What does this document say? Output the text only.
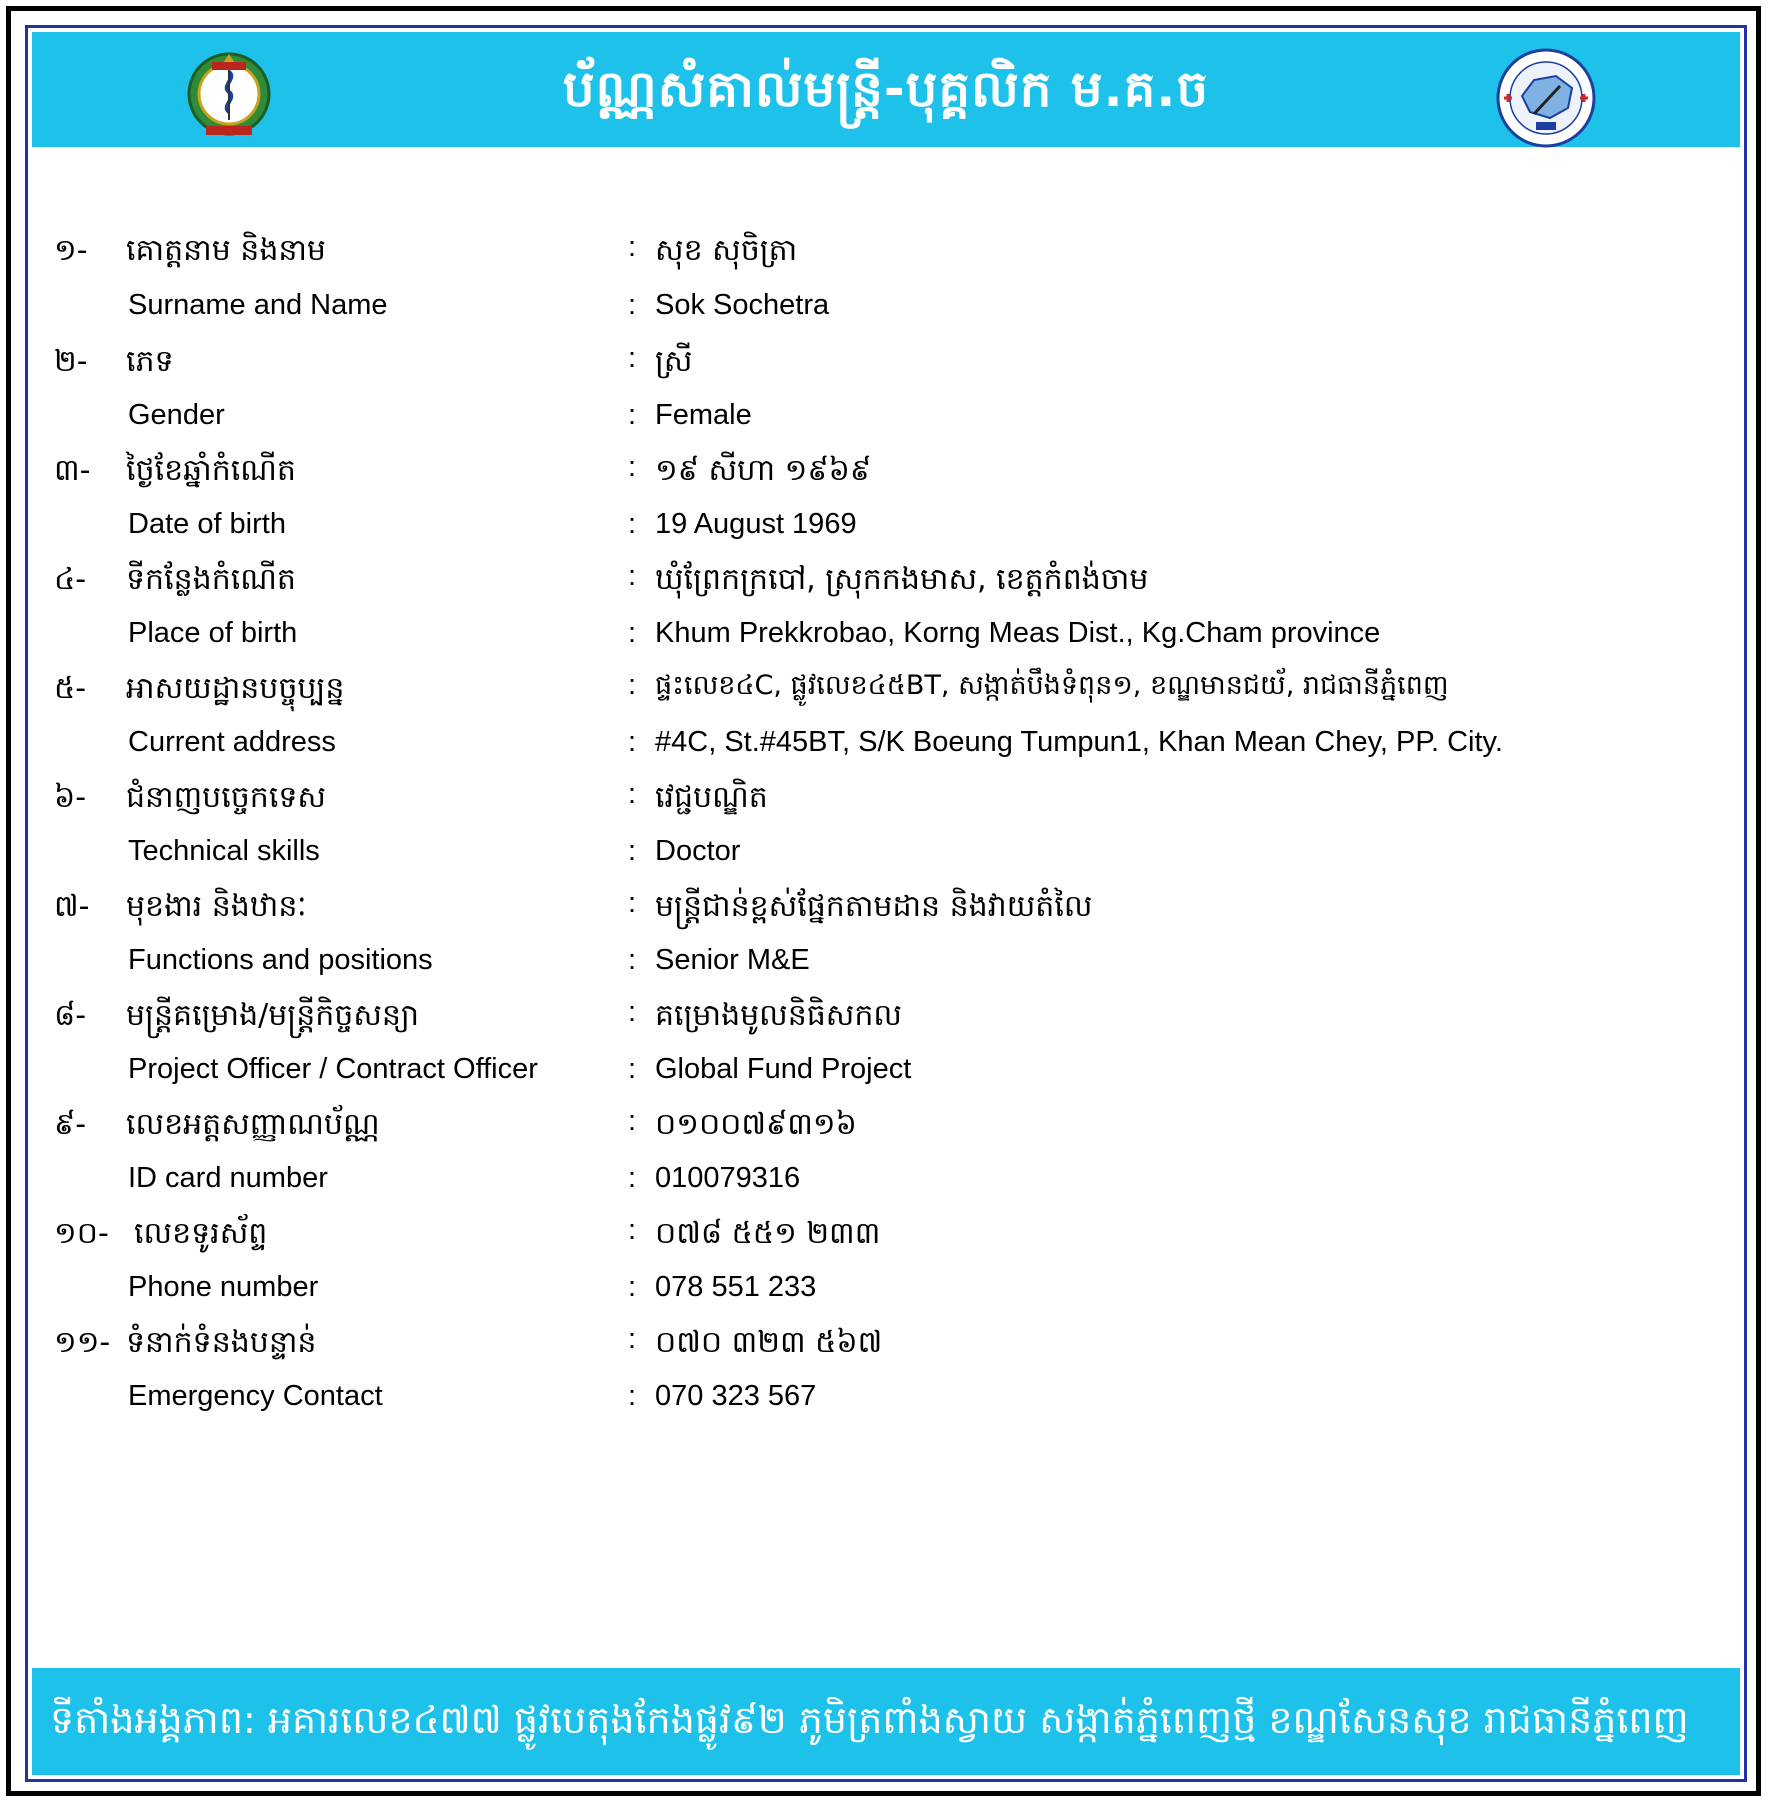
ប័ណ្ណសំគាល់មន្ត្រី-បុគ្គលិក ម.គ.ច
១- គោត្តនាម និងនាម	: សុខ សុចិត្រា
Surname and Name	: Sok Sochetra
២- ភេទ	: ស្រី
Gender	: Female
៣- ថ្ងៃខែឆ្នាំកំណើត	: ១៩ សីហា ១៩៦៩
Date of birth	: 19 August 1969
៤- ទីកន្លែងកំណើត	: ឃុំព្រែកក្របៅ, ស្រុកកងមាស, ខេត្តកំពង់ចាម
Place of birth	: Khum Prekkrobao, Korng Meas Dist., Kg.Cham province
៥- អាសយដ្ឋានបច្ចុប្បន្ន	: ផ្ទះលេខ៤C, ផ្លូវលេខ៤៥BT, សង្កាត់បឹងទំពុន១, ខណ្ឌមានជយ័, រាជធានីភ្នំពេញ
Current address	: #4C, St.#45BT, S/K Boeung Tumpun1, Khan Mean Chey, PP. City.
៦- ជំនាញបច្ចេកទេស	: វេជ្ជបណ្ឌិត
Technical skills	: Doctor
៧- មុខងារ និងឋានៈ	: មន្រ្តីជាន់ខ្ពស់ផ្នែកតាមដាន និងវាយតំលៃ
Functions and positions	: Senior M&E
៨- មន្ត្រីគម្រោង/មន្ត្រីកិច្ចសន្យា	: គម្រោងមូលនិធិសកល
Project Officer / Contract Officer	: Global Fund Project
៩- លេខអត្តសញ្ញាណប័ណ្ណ	: ០១០០៧៩៣១៦
ID card number	: 010079316
១០- លេខទូរស័ព្ទ	: ០៧៨ ៥៥១ ២៣៣
Phone number	: 078 551 233
១១- ទំនាក់ទំនងបន្ទាន់	: ០៧០ ៣២៣ ៥៦៧
Emergency Contact	: 070 323 567
ទីតាំងអង្គភាព: អគារលេខ៤៧៧ ផ្លូវបេតុងកែងផ្លូវ៩២ ភូមិត្រពាំងស្វាយ សង្កាត់ភ្នំពេញថ្មី ខណ្ឌសែនសុខ រាជធានីភ្នំពេញ
